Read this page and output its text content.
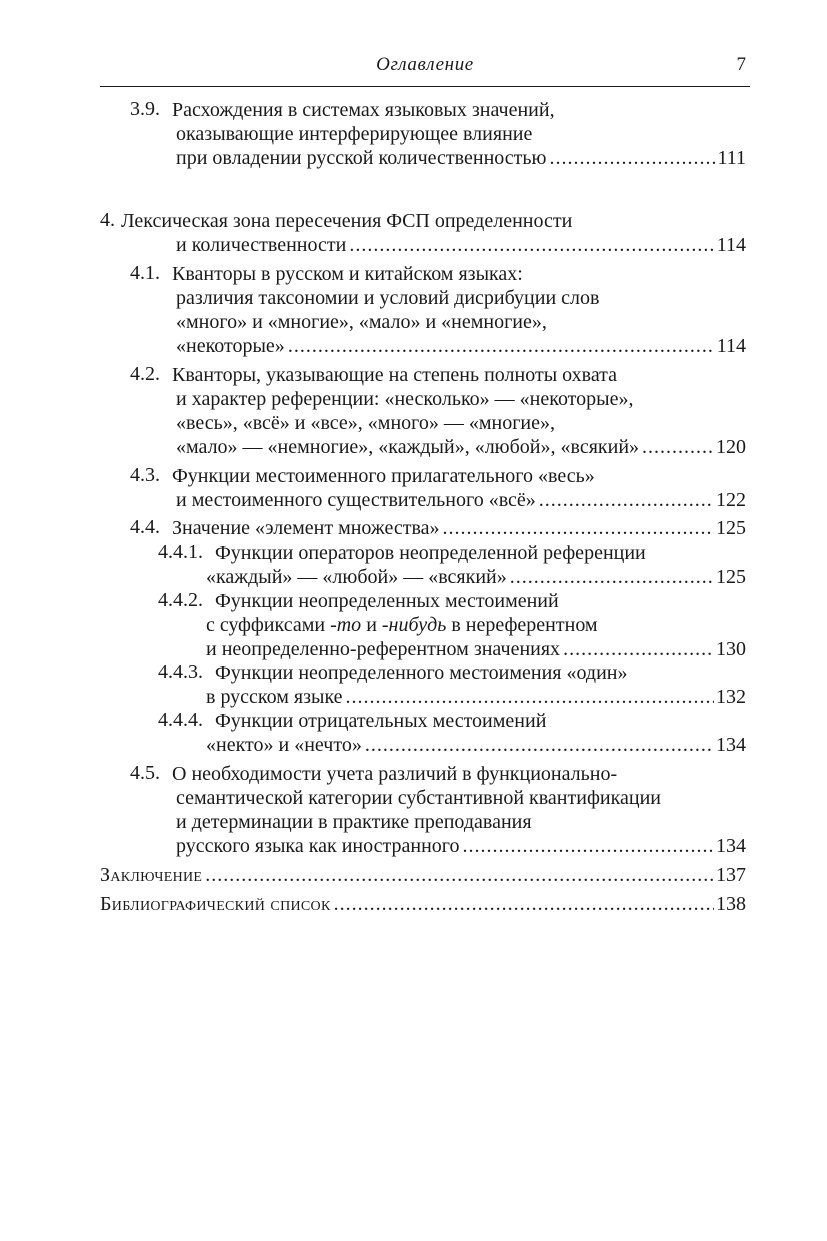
Оглавление	7
3.9. Расхождения в системах языковых значений,
оказывающие интерферирующее влияние
при овладении русской количественностью .....	111
4. Лексическая зона пересечения ФСП определенности
и количественности .....	114
4.1. Кванторы в русском и китайском языках:
различия таксономии и условий дисрибуции слов
«много» и «многие», «мало» и «немногие»,
«некоторые» .....	114
4.2. Кванторы, указывающие на степень полноты охвата
и характер референции: «несколько» — «некоторые»,
«весь», «всё» и «все», «много» — «многие»,
«мало» — «немногие», «каждый», «любой», «всякий» .....	120
4.3. Функции местоименного прилагательного «весь»
и местоименного существительного «всё» .....	122
4.4. Значение «элемент множества» .....	125
4.4.1. Функции операторов неопределенной референции
«каждый» — «любой» — «всякий» .....	125
4.4.2. Функции неопределенных местоимений
с суффиксами -то и -нибудь в нереферентном
и неопределенно-референтном значениях .....	130
4.4.3. Функции неопределенного местоимения «один»
в русском языке .....	132
4.4.4. Функции отрицательных местоимений
«некто» и «нечто» .....	134
4.5. О необходимости учета различий в функционально-
семантической категории субстантивной квантификации
и детерминации в практике преподавания
русского языка как иностранного .....	134
Заключение .....	137
Библиографический список .....	138
